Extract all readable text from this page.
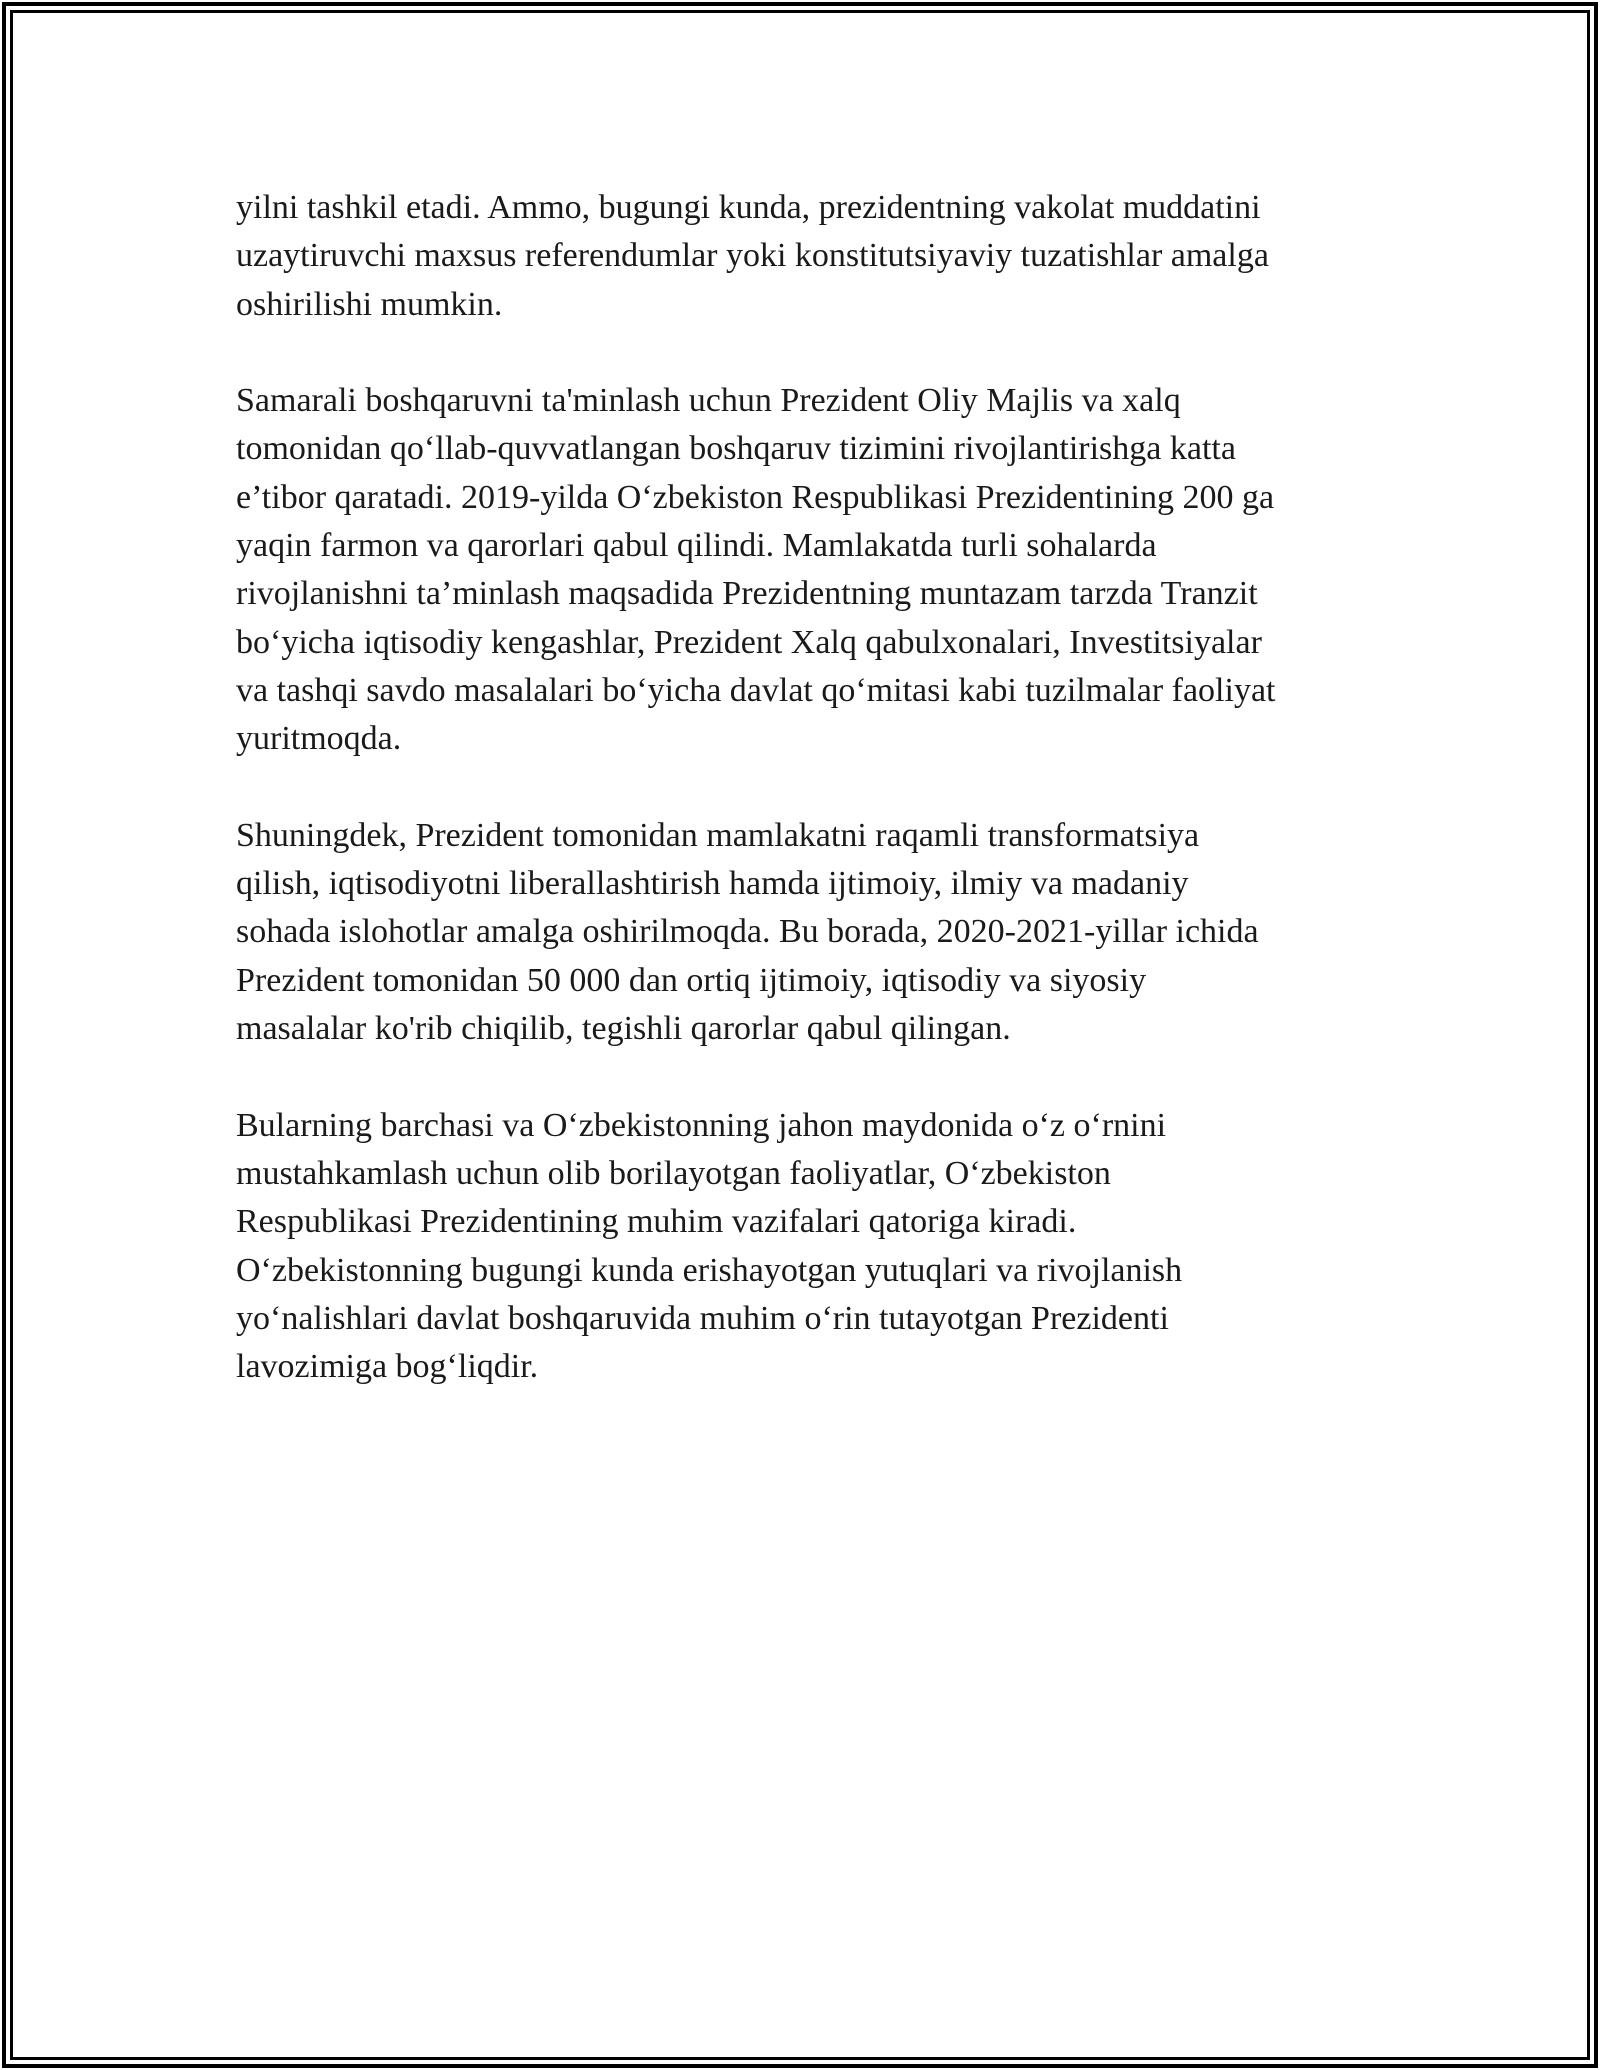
yilni tashkil etadi. Ammo, bugungi kunda, prezidentning vakolat muddatini
uzaytiruvchi maxsus referendumlar yoki konstitutsiyaviy tuzatishlar amalga
oshirilishi mumkin.

Samarali boshqaruvni ta'minlash uchun Prezident Oliy Majlis va xalq
tomonidan qo‘llab-quvvatlangan boshqaruv tizimini rivojlantirishga katta
e’tibor qaratadi. 2019-yilda O‘zbekiston Respublikasi Prezidentining 200 ga
yaqin farmon va qarorlari qabul qilindi. Mamlakatda turli sohalarda
rivojlanishni ta’minlash maqsadida Prezidentning muntazam tarzda Tranzit
bo‘yicha iqtisodiy kengashlar, Prezident Xalq qabulxonalari, Investitsiyalar
va tashqi savdo masalalari bo‘yicha davlat qo‘mitasi kabi tuzilmalar faoliyat
yuritmoqda.

Shuningdek, Prezident tomonidan mamlakatni raqamli transformatsiya
qilish, iqtisodiyotni liberallashtirish hamda ijtimoiy, ilmiy va madaniy
sohada islohotlar amalga oshirilmoqda. Bu borada, 2020-2021-yillar ichida
Prezident tomonidan 50 000 dan ortiq ijtimoiy, iqtisodiy va siyosiy
masalalar ko'rib chiqilib, tegishli qarorlar qabul qilingan.

Bularning barchasi va O‘zbekistonning jahon maydonida o‘z o‘rnini
mustahkamlash uchun olib borilayotgan faoliyatlar, O‘zbekiston
Respublikasi Prezidentining muhim vazifalari qatoriga kiradi.
O‘zbekistonning bugungi kunda erishayotgan yutuqlari va rivojlanish
yo‘nalishlari davlat boshqaruvida muhim o‘rin tutayotgan Prezidenti
lavozimiga bog‘liqdir.
